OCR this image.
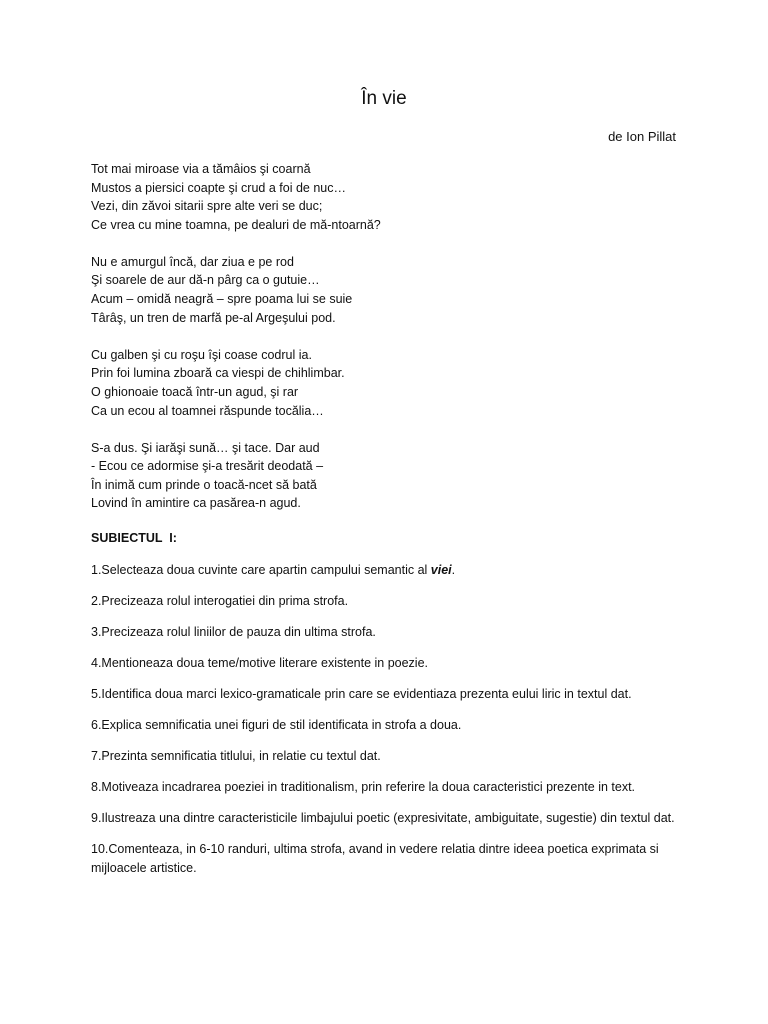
În vie

de Ion Pillat

Tot mai miroase via a tămâios şi coarnă
Mustos a piersici coapte şi crud a foi de nuc…
Vezi, din zăvoi sitarii spre alte veri se duc;
Ce vrea cu mine toamna, pe dealuri de mă-ntoarnă?
Nu e amurgul încă, dar ziua e pe rod
Şi soarele de aur dă-n pârg ca o gutuie…
Acum – omidă neagră – spre poama lui se suie
Târâş, un tren de marfă pe-al Argeşului pod.
Cu galben şi cu roşu îşi coase codrul ia.
Prin foi lumina zboară ca viespi de chihlimbar.
O ghionoaie toacă într-un agud, şi rar
Ca un ecou al toamnei răspunde tocălia…
S-a dus. Şi iarăşi sună… şi tace. Dar aud
- Ecou ce adormise şi-a tresărit deodată –
În inimă cum prinde o toacă-ncet să bată
Lovind în amintire ca pasărea-n agud.

SUBIECTUL  I:

1.Selecteaza doua cuvinte care apartin campului semantic al viei.

2.Precizeaza rolul interogatiei din prima strofa.

3.Precizeaza rolul liniilor de pauza din ultima strofa.

4.Mentioneaza doua teme/motive literare existente in poezie.

5.Identifica doua marci lexico-gramaticale prin care se evidentiaza prezenta eului liric in textul dat.

6.Explica semnificatia unei figuri de stil identificata in strofa a doua.

7.Prezinta semnificatia titlului, in relatie cu textul dat.

8.Motiveaza incadrarea poeziei in traditionalism, prin referire la doua caracteristici prezente in text.

9.Ilustreaza una dintre caracteristicile limbajului poetic (expresivitate, ambiguitate, sugestie) din textul dat.

10.Comenteaza, in 6-10 randuri, ultima strofa, avand in vedere relatia dintre ideea poetica exprimata si mijloacele artistice.
